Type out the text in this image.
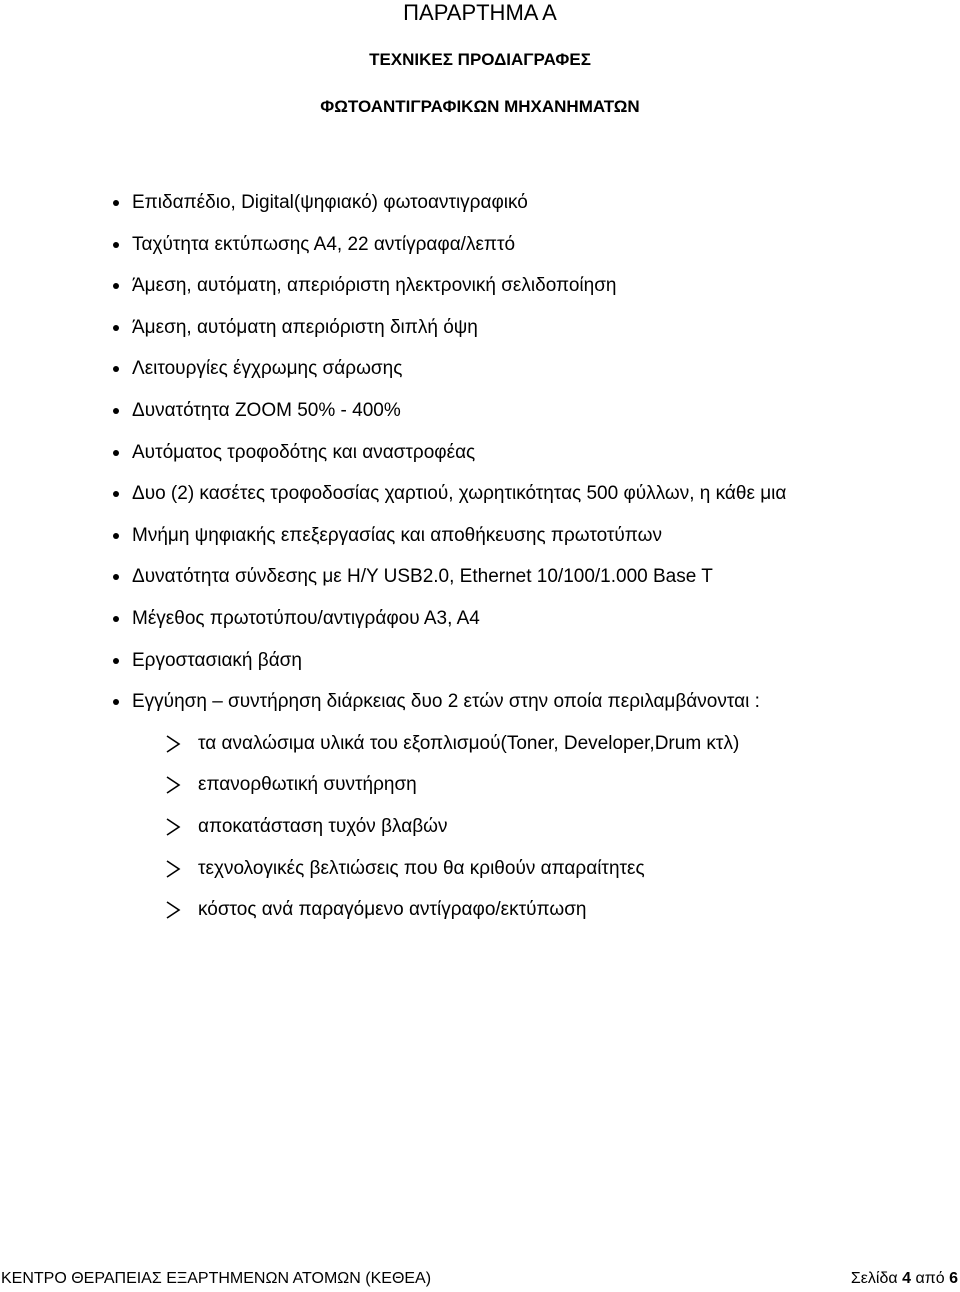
ΠΑΡΑΡΤΗΜΑ Α
ΤΕΧΝΙΚΕΣ ΠΡΟΔΙΑΓΡΑΦΕΣ
ΦΩΤΟΑΝΤΙΓΡΑΦΙΚΩΝ ΜΗΧΑΝΗΜΑΤΩΝ
Επιδαπέδιο, Digital(ψηφιακό) φωτοαντιγραφικό
Ταχύτητα εκτύπωσης Α4, 22 αντίγραφα/λεπτό
Άμεση, αυτόματη, απεριόριστη ηλεκτρονική σελιδοποίηση
Άμεση, αυτόματη απεριόριστη διπλή όψη
Λειτουργίες έγχρωμης σάρωσης
Δυνατότητα ZOOM 50% - 400%
Αυτόματος τροφοδότης και αναστροφέας
Δυο (2) κασέτες τροφοδοσίας χαρτιού, χωρητικότητας 500 φύλλων, η κάθε μια
Μνήμη ψηφιακής επεξεργασίας και αποθήκευσης πρωτοτύπων
Δυνατότητα σύνδεσης με Η/Υ USB2.0, Ethernet 10/100/1.000 Base T
Μέγεθος πρωτοτύπου/αντιγράφου Α3, Α4
Εργοστασιακή βάση
Εγγύηση – συντήρηση διάρκειας δυο 2 ετών στην οποία περιλαμβάνονται :
τα αναλώσιμα υλικά του εξοπλισμού(Toner, Developer,Drum κτλ)
επανορθωτική συντήρηση
αποκατάσταση τυχόν βλαβών
τεχνολογικές βελτιώσεις που θα κριθούν απαραίτητες
κόστος ανά παραγόμενο αντίγραφο/εκτύπωση
ΚΕΝΤΡΟ ΘΕΡΑΠΕΙΑΣ ΕΞΑΡΤΗΜΕΝΩΝ ΑΤΟΜΩΝ (ΚΕΘΕΑ)	Σελίδα 4 από 6
